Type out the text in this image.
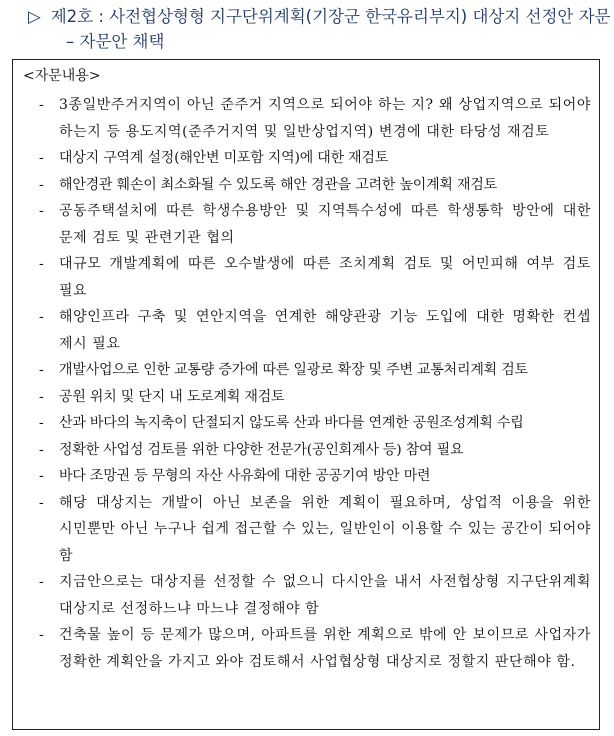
▷ 제2호 : 사전협상형형 지구단위계획(기장군 한국유리부지) 대상지 선정안 자문
– 자문안 채택
<자문내용>
- 3종일반주거지역이 아닌 준주거 지역으로 되어야 하는 지? 왜 상업지역으로 되어야 하는지 등 용도지역(준주거지역 및 일반상업지역) 변경에 대한 타당성 재검토
- 대상지 구역계 설정(해안변 미포함 지역)에 대한 재검토
- 해안경관 훼손이 최소화될 수 있도록 해안 경관을 고려한 높이계획 재검토
- 공동주택설치에 따른 학생수용방안 및 지역특수성에 따른 학생통학 방안에 대한 문제 검토 및 관련기관 협의
- 대규모 개발계획에 따른 오수발생에 따른 조치계획 검토 및 어민피해 여부 검토 필요
- 해양인프라 구축 및 연안지역을 연계한 해양관광 기능 도입에 대한 명확한 컨셉 제시 필요
- 개발사업으로 인한 교통량 증가에 따른 일광로 확장 및 주변 교통처리계획 검토
- 공원 위치 및 단지 내 도로계획 재검토
- 산과 바다의 녹지축이 단절되지 않도록 산과 바다를 연계한 공원조성계획 수립
- 정확한 사업성 검토를 위한 다양한 전문가(공인회계사 등) 참여 필요
- 바다 조망권 등 무형의 자산 사유화에 대한 공공기여 방안 마련
- 해당 대상지는 개발이 아닌 보존을 위한 계획이 필요하며, 상업적 이용을 위한 시민뿐만 아닌 누구나 쉽게 접근할 수 있는, 일반인이 이용할 수 있는 공간이 되어야 함
- 지금안으로는 대상지를 선정할 수 없으니 다시안을 내서 사전협상형 지구단위계획 대상지로 선정하느냐 마느냐 결정해야 함
- 건축물 높이 등 문제가 많으며, 아파트를 위한 계획으로 밖에 안 보이므로 사업자가 정확한 계획안을 가지고 와야 검토해서 사업협상형 대상지로 정할지 판단해야 함.
